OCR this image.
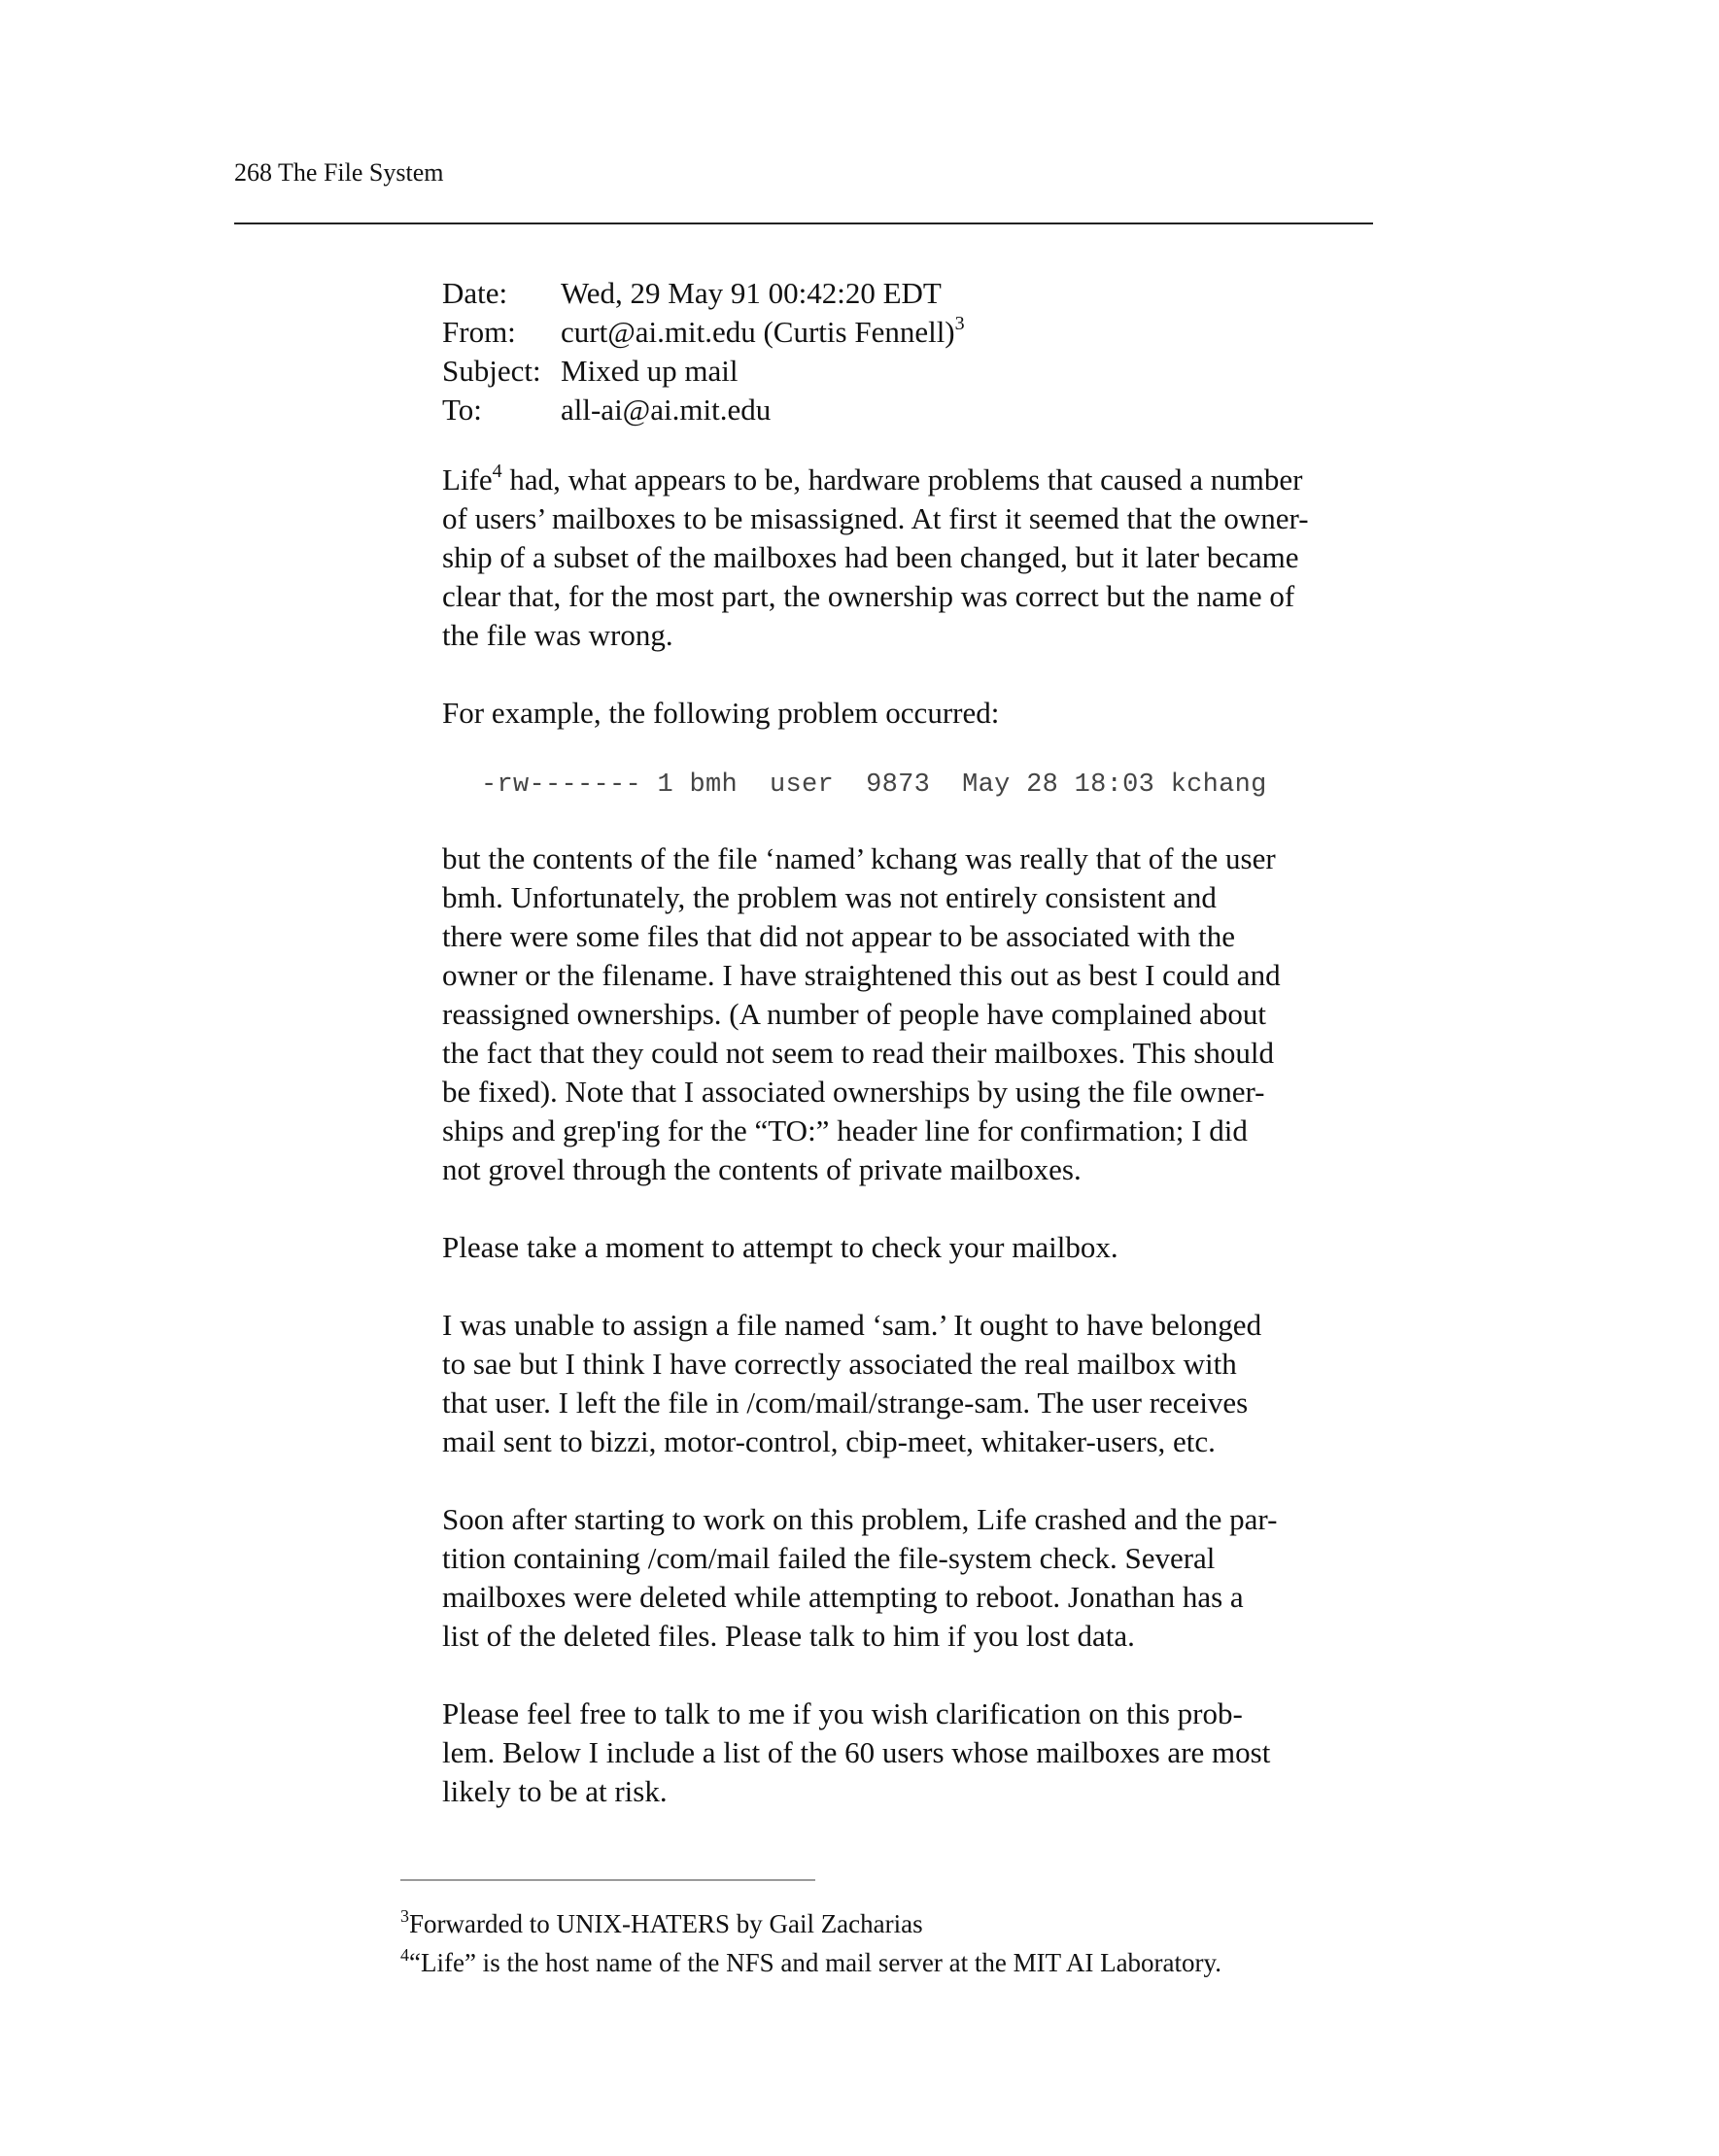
268 The File System
Date:	Wed, 29 May 91 00:42:20 EDT
From:	curt@ai.mit.edu (Curtis Fennell)$^3$
Subject: Mixed up mail
To:	all-ai@ai.mit.edu
Life$^4$ had, what appears to be, hardware problems that caused a number
of users’ mailboxes to be misassigned. At first it seemed that the owner-
ship of a subset of the mailboxes had been changed, but it later became
clear that, for the most part, the ownership was correct but the name of
the file was wrong.
For example, the following problem occurred:
-rw------- 1 bmh  user  9873  May 28 18:03 kchang
but the contents of the file ‘named’ kchang was really that of the user
bmh. Unfortunately, the problem was not entirely consistent and
there were some files that did not appear to be associated with the
owner or the filename. I have straightened this out as best I could and
reassigned ownerships. (A number of people have complained about
the fact that they could not seem to read their mailboxes. This should
be fixed). Note that I associated ownerships by using the file owner-
ships and grep'ing for the “TO:” header line for confirmation; I did
not grovel through the contents of private mailboxes.
Please take a moment to attempt to check your mailbox.
I was unable to assign a file named ‘sam.’ It ought to have belonged
to sae but I think I have correctly associated the real mailbox with
that user. I left the file in /com/mail/strange-sam. The user receives
mail sent to bizzi, motor-control, cbip-meet, whitaker-users, etc.
Soon after starting to work on this problem, Life crashed and the par-
tition containing /com/mail failed the file-system check. Several
mailboxes were deleted while attempting to reboot. Jonathan has a
list of the deleted files. Please talk to him if you lost data.
Please feel free to talk to me if you wish clarification on this prob-
lem. Below I include a list of the 60 users whose mailboxes are most
likely to be at risk.
$^3$Forwarded to UNIX-HATERS by Gail Zacharias
$^4$“Life” is the host name of the NFS and mail server at the MIT AI Laboratory.
